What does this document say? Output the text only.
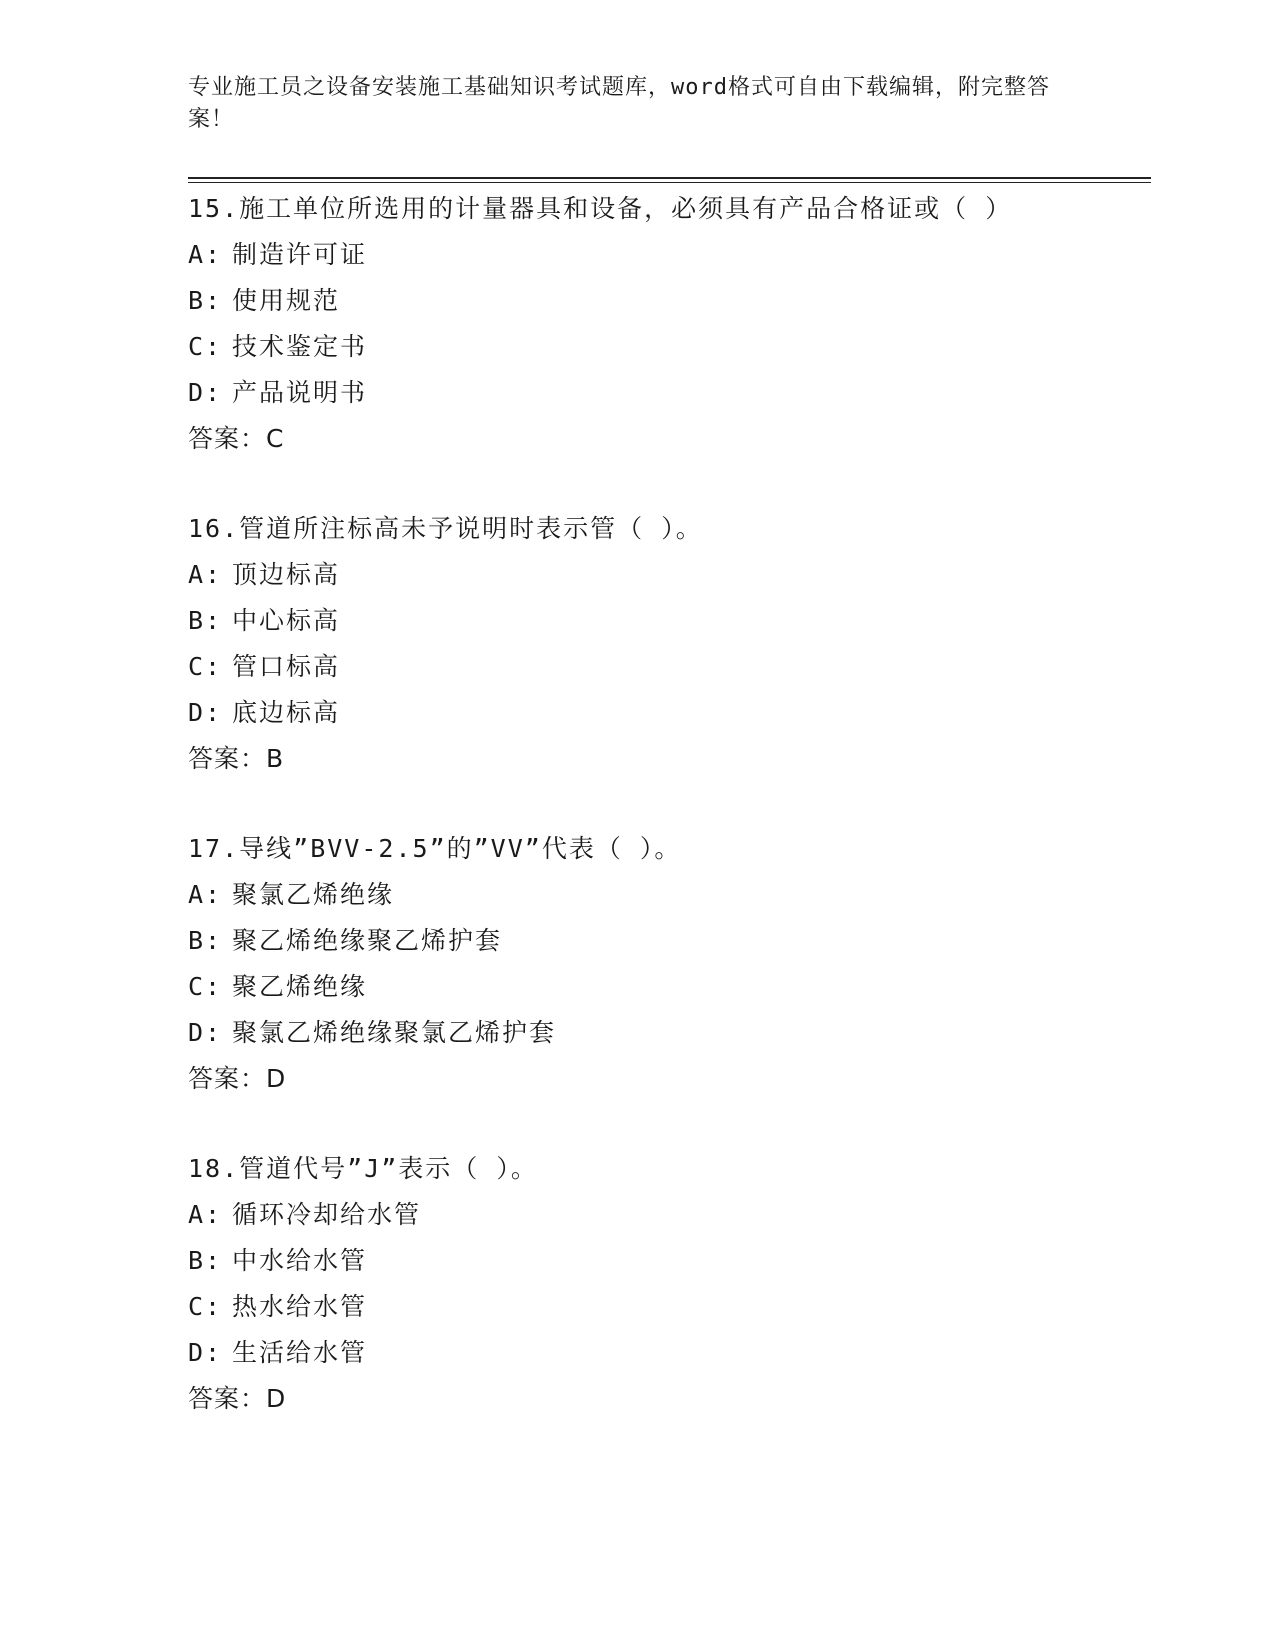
专业施工员之设备安装施工基础知识考试题库，word格式可自由下载编辑，附完整答案！
15.施工单位所选用的计量器具和设备，必须具有产品合格证或（ ）
A: 制造许可证
B: 使用规范
C: 技术鉴定书
D: 产品说明书
答案：C
16.管道所注标高未予说明时表示管（ ）。
A: 顶边标高
B: 中心标高
C: 管口标高
D: 底边标高
答案：B
17.导线”BVV-2.5”的”VV”代表（ ）。
A: 聚氯乙烯绝缘
B: 聚乙烯绝缘聚乙烯护套
C: 聚乙烯绝缘
D: 聚氯乙烯绝缘聚氯乙烯护套
答案：D
18.管道代号”J”表示（ ）。
A: 循环冷却给水管
B: 中水给水管
C: 热水给水管
D: 生活给水管
答案：D
